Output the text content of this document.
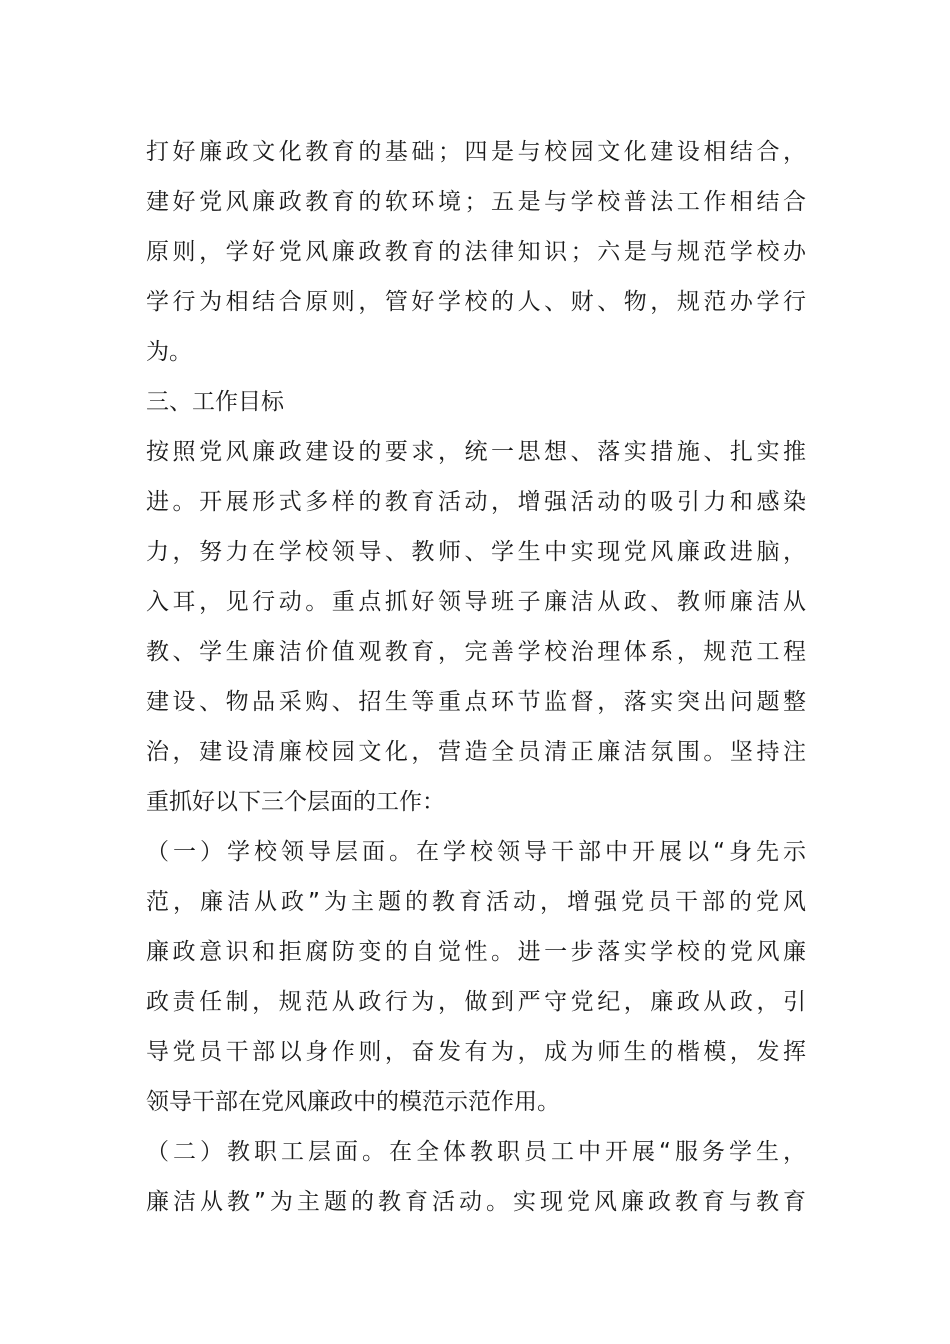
打好廉政文化教育的基础；四是与校园文化建设相结合，
建好党风廉政教育的软环境；五是与学校普法工作相结合
原则，学好党风廉政教育的法律知识；六是与规范学校办
学行为相结合原则，管好学校的人、财、物，规范办学行
为。
三、工作目标
按照党风廉政建设的要求，统一思想、落实措施、扎实推
进。开展形式多样的教育活动，增强活动的吸引力和感染
力，努力在学校领导、教师、学生中实现党风廉政进脑，
入耳，见行动。重点抓好领导班子廉洁从政、教师廉洁从
教、学生廉洁价值观教育，完善学校治理体系，规范工程
建设、物品采购、招生等重点环节监督，落实突出问题整
治，建设清廉校园文化，营造全员清正廉洁氛围。坚持注
重抓好以下三个层面的工作：
（一）学校领导层面。在学校领导干部中开展以“身先示
范，廉洁从政”为主题的教育活动，增强党员干部的党风
廉政意识和拒腐防变的自觉性。进一步落实学校的党风廉
政责任制，规范从政行为，做到严守党纪，廉政从政，引
导党员干部以身作则，奋发有为，成为师生的楷模，发挥
领导干部在党风廉政中的模范示范作用。
（二）教职工层面。在全体教职员工中开展“服务学生，
廉洁从教”为主题的教育活动。实现党风廉政教育与教育
